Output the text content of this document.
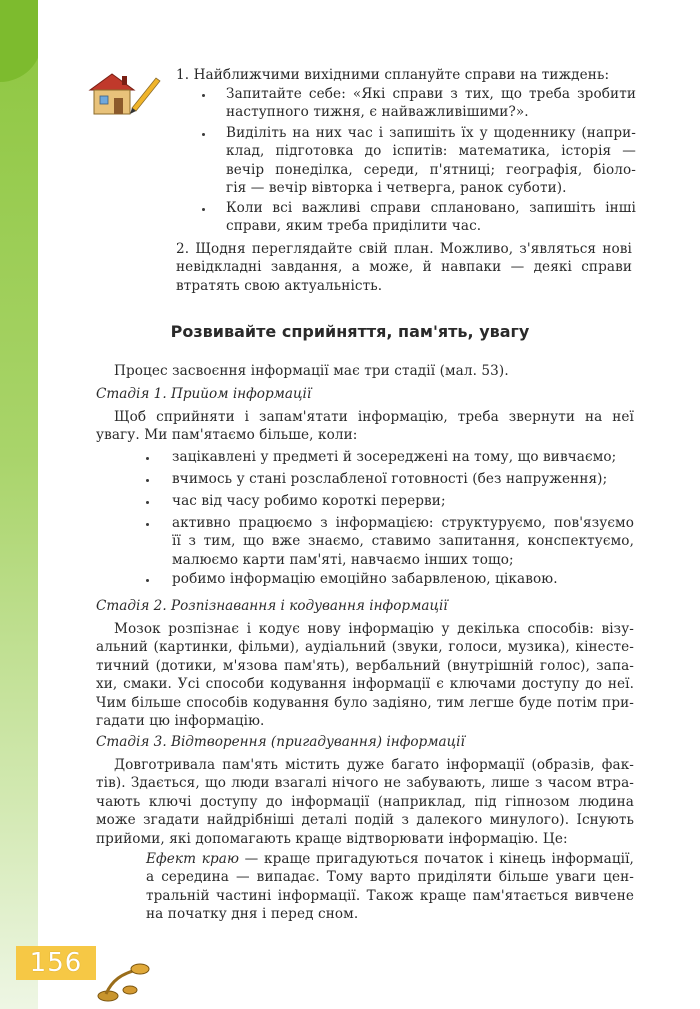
1. Найближчими вихідними сплануйте справи на тиждень:
Запитайте себе: «Які справи з тих, що треба зробити
наступного тижня, є найважливішими?».
Виділіть на них час і запишіть їх у щоденнику (напри-
клад, підготовка до іспитів: математика, історія —
вечір понеділка, середи, п'ятниці; географія, біоло-
гія — вечір вівторка і четверга, ранок суботи).
Коли всі важливі справи сплановано, запишіть інші
справи, яким треба приділити час.
2. Щодня переглядайте свій план. Можливо, з'являться нові
невідкладні завдання, а може, й навпаки — деякі справи
втратять свою актуальність.
Розвивайте сприйняття, пам'ять, увагу
Процес засвоєння інформації має три стадії (мал. 53).
Стадія 1. Прийом інформації
Щоб сприйняти і запам'ятати інформацію, треба звернути на неї
увагу. Ми пам'ятаємо більше, коли:
зацікавлені у предметі й зосереджені на тому, що вивчаємо;
вчимось у стані розслабленої готовності (без напруження);
час від часу робимо короткі перерви;
активно працюємо з інформацією: структуруємо, пов'язуємо
її з тим, що вже знаємо, ставимо запитання, конспектуємо,
малюємо карти пам'яті, навчаємо інших тощо;
робимо інформацію емоційно забарвленою, цікавою.
Стадія 2. Розпізнавання і кодування інформації
Мозок розпізнає і кодує нову інформацію у декілька способів: візу-
альний (картинки, фільми), аудіальний (звуки, голоси, музика), кінесте-
тичний (дотики, м'язова пам'ять), вербальний (внутрішній голос), запа-
хи, смаки. Усі способи кодування інформації є ключами доступу до неї.
Чим більше способів кодування було задіяно, тим легше буде потім при-
гадати цю інформацію.
Стадія 3. Відтворення (пригадування) інформації
Довготривала пам'ять містить дуже багато інформації (образів, фак-
тів). Здається, що люди взагалі нічого не забувають, лише з часом втра-
чають ключі доступу до інформації (наприклад, під гіпнозом людина
може згадати найдрібніші деталі подій з далекого минулого). Існують
прийоми, які допомагають краще відтворювати інформацію. Це:
Ефект краю — краще пригадуються початок і кінець інформації,
а середина — випадає. Тому варто приділяти більше уваги цен-
тральній частині інформації. Також краще пам'ятається вивчене
на початку дня і перед сном.
156
